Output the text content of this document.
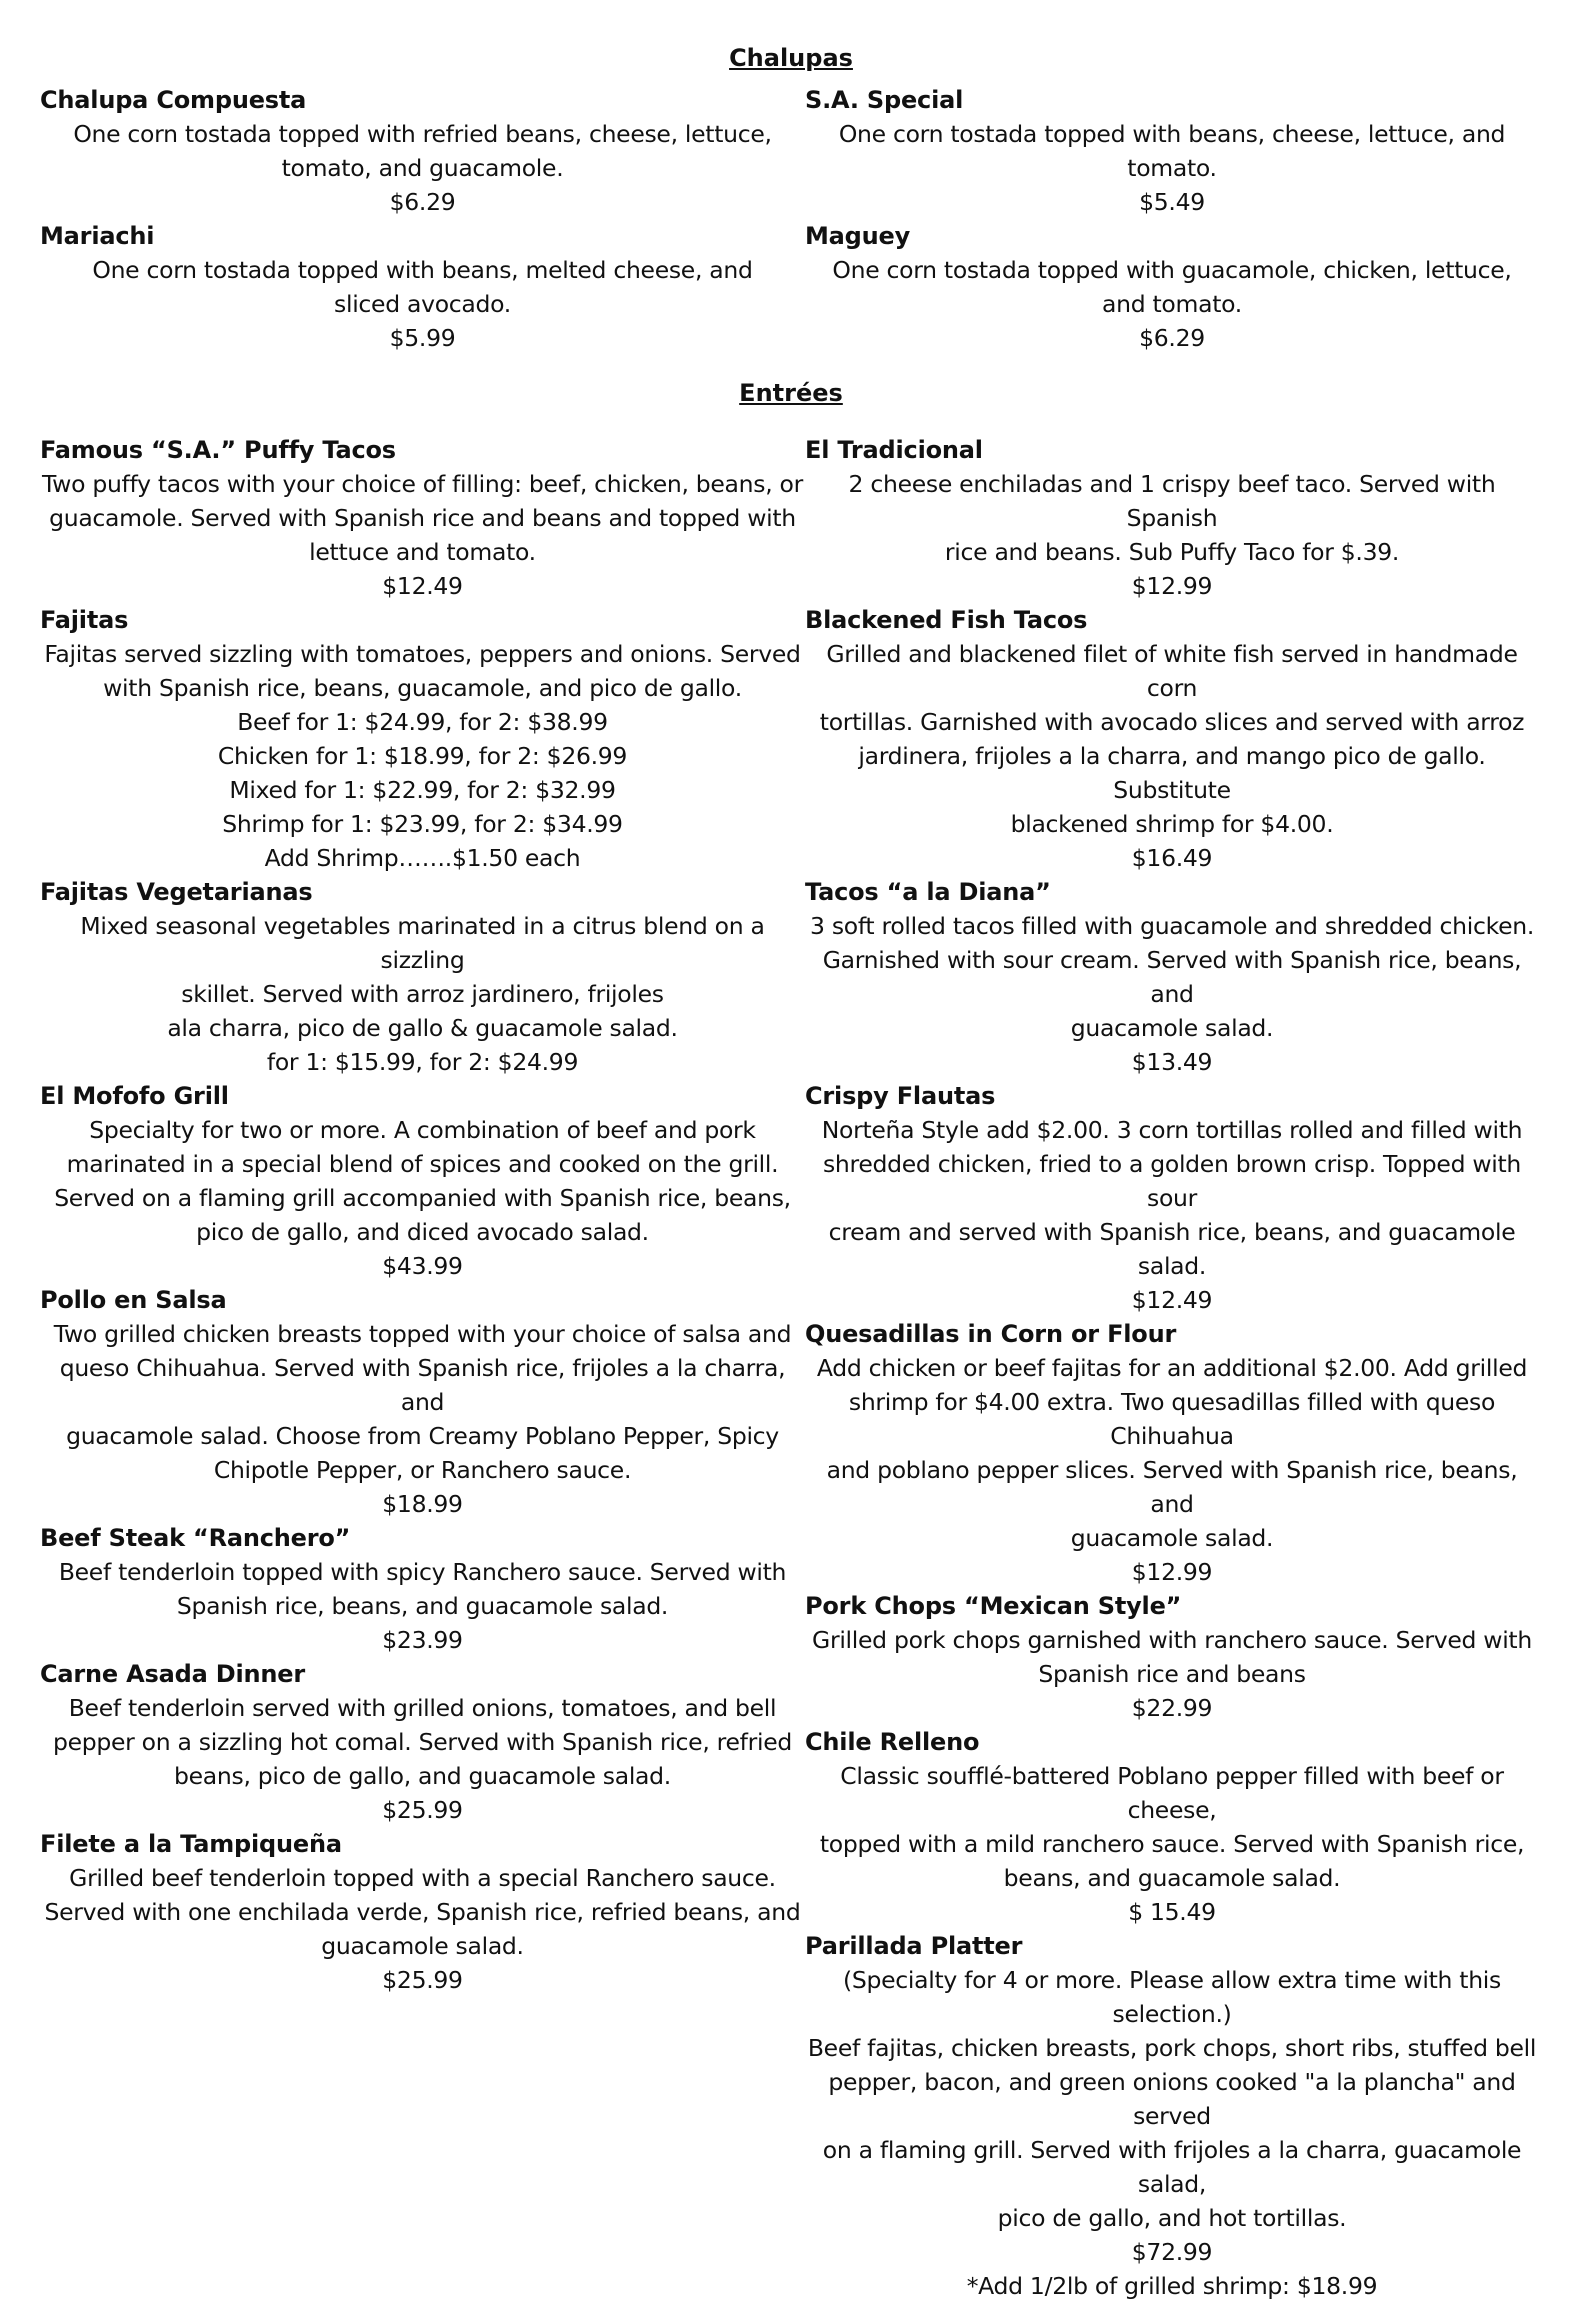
Chalupas
Chalupa Compuesta
One corn tostada topped with refried beans, cheese, lettuce,
tomato, and guacamole.
$6.29
Mariachi
One corn tostada topped with beans, melted cheese, and
sliced avocado.
$5.99
S.A. Special
One corn tostada topped with beans, cheese, lettuce, and
tomato.
$5.49
Maguey
One corn tostada topped with guacamole, chicken, lettuce,
and tomato.
$6.29
Entrées
Famous “S.A.” Puffy Tacos
Two puffy tacos with your choice of filling: beef, chicken, beans, or
guacamole. Served with Spanish rice and beans and topped with
lettuce and tomato.
$12.49
Fajitas
Fajitas served sizzling with tomatoes, peppers and onions. Served
with Spanish rice, beans, guacamole, and pico de gallo.
Beef for 1: $24.99, for 2: $38.99
Chicken for 1: $18.99, for 2: $26.99
Mixed for 1: $22.99, for 2: $32.99
Shrimp for 1: $23.99, for 2: $34.99
Add Shrimp…….$1.50 each
Fajitas Vegetarianas
Mixed seasonal vegetables marinated in a citrus blend on a sizzling
skillet. Served with arroz jardinero, frijoles
ala charra, pico de gallo & guacamole salad.
for 1: $15.99, for 2: $24.99
El Mofofo Grill
Specialty for two or more. A combination of beef and pork
marinated in a special blend of spices and cooked on the grill.
Served on a flaming grill accompanied with Spanish rice, beans,
pico de gallo, and diced avocado salad.
$43.99
Pollo en Salsa
Two grilled chicken breasts topped with your choice of salsa and
queso Chihuahua. Served with Spanish rice, frijoles a la charra, and
guacamole salad. Choose from Creamy Poblano Pepper, Spicy
Chipotle Pepper, or Ranchero sauce.
$18.99
Beef Steak “Ranchero”
Beef tenderloin topped with spicy Ranchero sauce. Served with
Spanish rice, beans, and guacamole salad.
$23.99
Carne Asada Dinner
Beef tenderloin served with grilled onions, tomatoes, and bell
pepper on a sizzling hot comal. Served with Spanish rice, refried
beans, pico de gallo, and guacamole salad.
$25.99
Filete a la Tampiqueña
Grilled beef tenderloin topped with a special Ranchero sauce.
Served with one enchilada verde, Spanish rice, refried beans, and
guacamole salad.
$25.99
El Tradicional
2 cheese enchiladas and 1 crispy beef taco. Served with Spanish
rice and beans. Sub Puffy Taco for $.39.
$12.99
Blackened Fish Tacos
Grilled and blackened filet of white fish served in handmade corn
tortillas. Garnished with avocado slices and served with arroz
jardinera, frijoles a la charra, and mango pico de gallo. Substitute
blackened shrimp for $4.00.
$16.49
Tacos “a la Diana”
3 soft rolled tacos filled with guacamole and shredded chicken.
Garnished with sour cream. Served with Spanish rice, beans, and
guacamole salad.
$13.49
Crispy Flautas
Norteña Style add $2.00. 3 corn tortillas rolled and filled with
shredded chicken, fried to a golden brown crisp. Topped with sour
cream and served with Spanish rice, beans, and guacamole salad.
$12.49
Quesadillas in Corn or Flour
Add chicken or beef fajitas for an additional $2.00. Add grilled
shrimp for $4.00 extra. Two quesadillas filled with queso Chihuahua
and poblano pepper slices. Served with Spanish rice, beans, and
guacamole salad.
$12.99
Pork Chops “Mexican Style”
Grilled pork chops garnished with ranchero sauce. Served with
Spanish rice and beans
$22.99
Chile Relleno
Classic soufflé-battered Poblano pepper filled with beef or cheese,
topped with a mild ranchero sauce. Served with Spanish rice,
beans, and guacamole salad.
$ 15.49
Parillada Platter
(Specialty for 4 or more. Please allow extra time with this selection.)
Beef fajitas, chicken breasts, pork chops, short ribs, stuffed bell
pepper, bacon, and green onions cooked "a la plancha" and served
on a flaming grill. Served with frijoles a la charra, guacamole salad,
pico de gallo, and hot tortillas.
$72.99
*Add 1/2lb of grilled shrimp: $18.99
